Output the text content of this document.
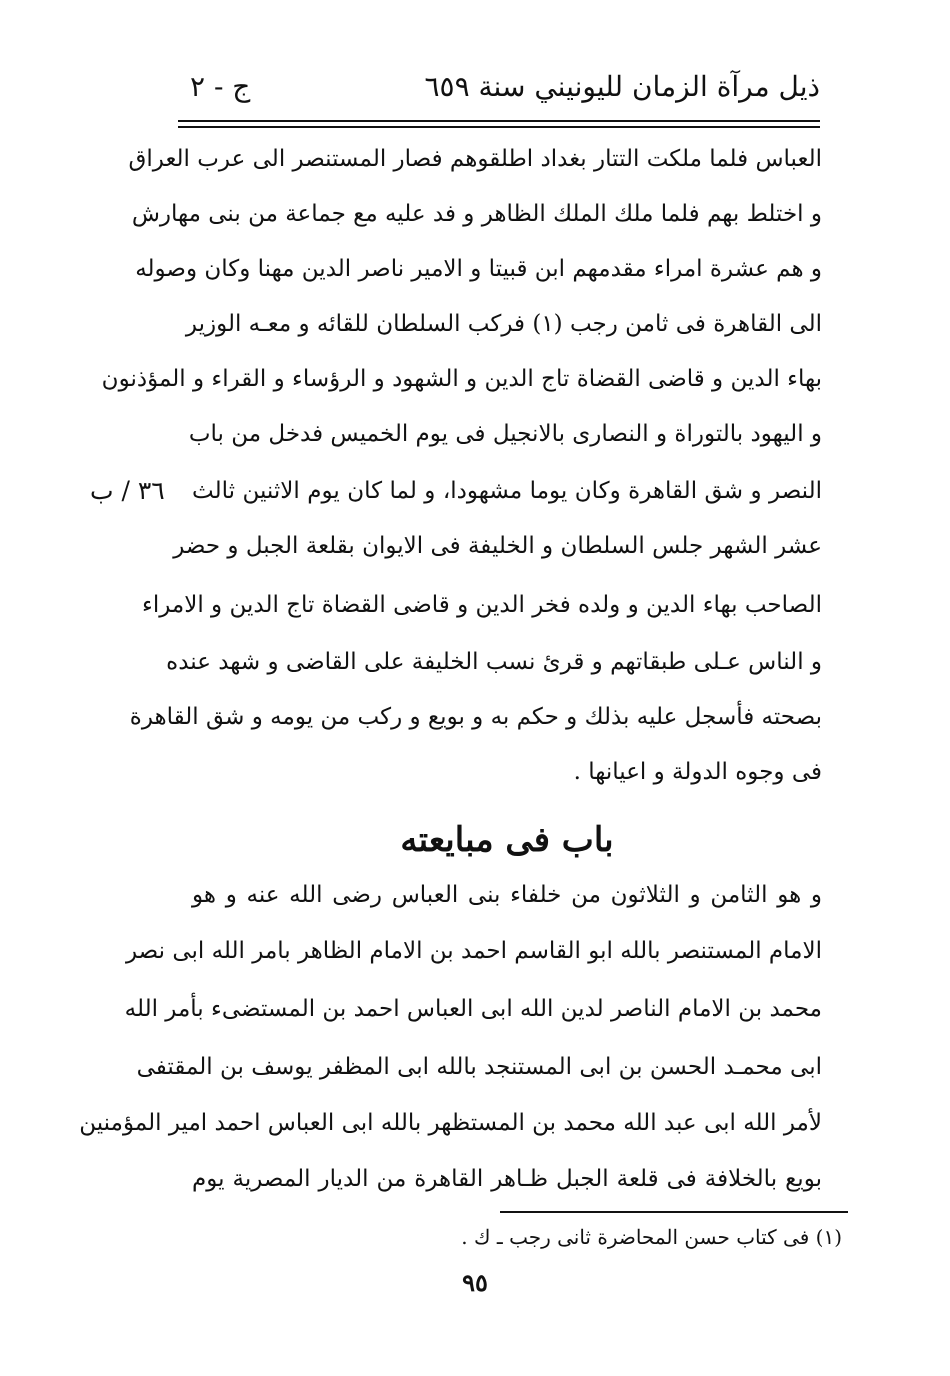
ذيل مرآة الزمان لليونيني سنة ٦٥٩
ج - ٢
٣٦ / ب
العباس فلما ملكت التتار بغداد اطلقوهم فصار المستنصر الى عرب العراق
و اختلط بهم فلما ملك الملك الظاهر و فد عليه مع جماعة من بنى مهارش
و هم عشرة امراء مقدمهم ابن قبيتا و الامير ناصر الدين مهنا وكان وصوله
الى القاهرة فى ثامن رجب (١) فركب السلطان للقائه و معـه الوزير
بهاء الدين و قاضى القضاة تاج الدين و الشهود و الرؤساء و القراء و المؤذنون
و اليهود بالتوراة و النصارى بالانجيل فى يوم الخميس فدخل من باب
النصر و شق القاهرة وكان يوما مشهودا، و لما كان يوم الاثنين ثالث
عشر الشهر جلس السلطان و الخليفة فى الايوان بقلعة الجبل و حضر
الصاحب بهاء الدين و ولده فخر الدين و قاضى القضاة تاج الدين و الامراء
و الناس عـلى طبقاتهم و قرئ نسب الخليفة على القاضى و شهد عنده
بصحته فأسجل عليه بذلك و حكم به و بويع و ركب من يومه و شق القاهرة
فى وجوه الدولة و اعيانها .
باب فى مبايعته
و هو الثامن و الثلاثون من خلفاء بنى العباس رضى الله عنه و هو
الامام المستنصر بالله ابو القاسم احمد بن الامام الظاهر بامر الله ابى نصر
محمد بن الامام الناصر لدين الله ابى العباس احمد بن المستضىء بأمر الله
ابى محمـد الحسن بن ابى المستنجد بالله ابى المظفر يوسف بن المقتفى
لأمر الله ابى عبد الله محمد بن المستظهر بالله ابى العباس احمد امير المؤمنين
بويع بالخلافة فى قلعة الجبل ظـاهر القاهرة من الديار المصرية يوم
(١) فى كتاب حسن المحاضرة ثانى رجب ـ ك .
٩٥
